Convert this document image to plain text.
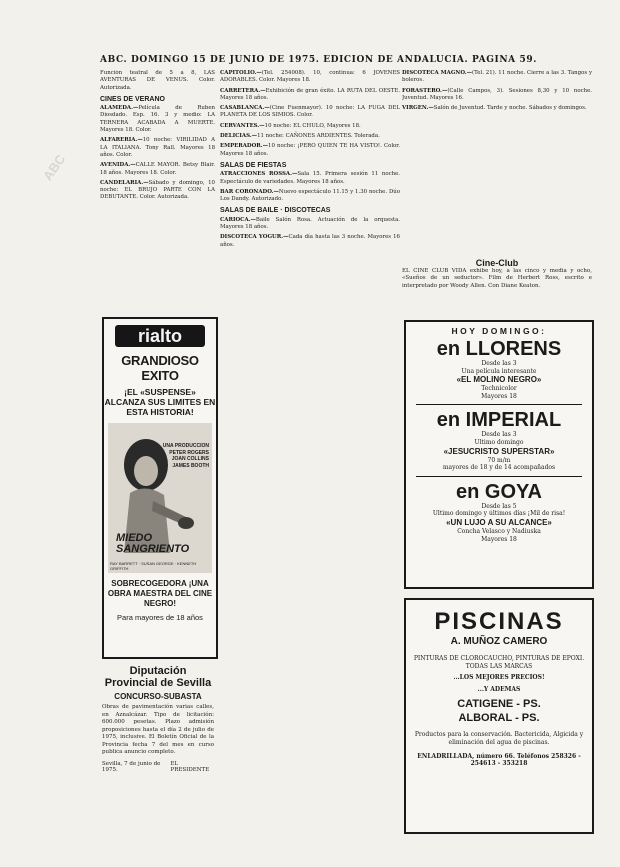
ABC. DOMINGO 15 DE JUNIO DE 1975. EDICION DE ANDALUCIA. PAGINA 59.
ABC
Función teatral de 5 a 8, LAS AVENTURAS DE VENUS. Color. Autorizada.
CINES DE VERANO
ALAMEDA.—Película de Ruben Diosdado. Esp. 16. 3 y medio: LA TERNERA ACABADA A MUERTE. Mayores 18. Color.
ALFARERIA.—10 noche: VIRILIDAD A LA ITALIANA. Tony Rall. Mayores 18 años. Color.
AVENIDA.—CALLE MAYOR. Betsy Blair. 18 años. Mayores 18. Color.
CANDELARIA.—Sábado y domingo, 10 noche: EL BRUJO PARTE CON LA DEBUTANTE. Color. Autorizada.
rialto
GRANDIOSO EXITO
¡EL «SUSPENSE» ALCANZA SUS LIMITES EN ESTA HISTORIA!
UNA PRODUCCION PETER ROGERS JOAN COLLINS JAMES BOOTH
MIEDO SANGRIENTO
RAY BARRETT · SUSAN GEORGE · KENNETH GRIFFITH
SOBRECOGEDORA ¡UNA OBRA MAESTRA DEL CINE NEGRO!
Para mayores de 18 años
Diputación Provincial de Sevilla
CONCURSO-SUBASTA
Obras de pavimentación varias calles, en Aznalcázar. Tipo de licitación: 600.000 pesetas. Plazo admisión proposiciones hasta el día 2 de julio de 1975, inclusive. El Boletín Oficial de la Provincia fecha 7 del mes en curso publica anuncio completo.
Sevilla, 7 de junio de 1975.
EL PRESIDENTE
CAPITOLIO.—(Tel. 254008). 10, continua: 6 JOVENES ADORABLES. Color. Mayores 18.
CARRETERA.—Exhibición de gran éxito. LA RUTA DEL OESTE. Mayores 18 años.
CASABLANCA.—(Cine Fuenmayor). 10 noche: LA FUGA DEL PLANETA DE LOS SIMIOS. Color.
CERVANTES.—10 noche: EL CHULO, Mayores 18.
DELICIAS.—11 noche: CAÑONES ARDIENTES. Tolerada.
EMPERADOR.—10 noche: ¡PERO QUIEN TE HA VISTO!. Color. Mayores 18 años.
SALAS DE FIESTAS
ATRACCIONES ROSSA.—Sala 15. Primera sesión 11 noche. Espectáculo de variedades. Mayores 18 años.
BAR CORONADO.—Nuevo espectáculo 11.15 y 1.30 noche. Dúo Los Dandy. Autorizado.
SALAS DE BAILE · DISCOTECAS
CARIOCA.—Baile Salón Rosa. Actuación de la orquesta. Mayores 18 años.
DISCOTECA YOGUR.—Cada día hasta las 3 noche. Mayores 16 años.
DISCOTECA MAGNO.—(Tel. 21). 11 noche. Cierre a las 3. Tangos y boleros.
FORASTERO.—(Calle Campos, 3). Sesiones 8,30 y 10 noche. Juventud. Mayores 16.
VIRGEN.—Salón de Juventud. Tarde y noche. Sábados y domingos.
Cine-Club
EL CINE CLUB VIDA exhibe hoy, a las cinco y media y ocho, «Sueños de un seductor». Film de Herbert Ross, escrito e interpretado por Woody Allen. Con Diane Keaton.
HOY DOMINGO:
en LLORENS
Desde las 3
Una película interesante
«EL MOLINO NEGRO»
Technicolor
Mayores 18
en IMPERIAL
Desde las 3
Ultimo domingo
«JESUCRISTO SUPERSTAR»
70 m/m
mayores de 18 y de 14 acompañados
en GOYA
Desde las 5
Ultimo domingo y últimos días ¡Mil de risa!
«UN LUJO A SU ALCANCE»
Concha Velasco y Nadiuska
Mayores 18
PISCINAS
A. MUÑOZ CAMERO
PINTURAS DE CLOROCAUCHO, PINTURAS DE EPOXI. TODAS LAS MARCAS
...LOS MEJORES PRECIOS!
...Y ADEMAS
CATIGENE - PS.
ALBORAL - PS.
Productos para la conservación. Bactericida, Algicida y eliminación del agua de piscinas.
ENLADRILLADA, número 66. Teléfonos 258326 - 254613 - 353218
